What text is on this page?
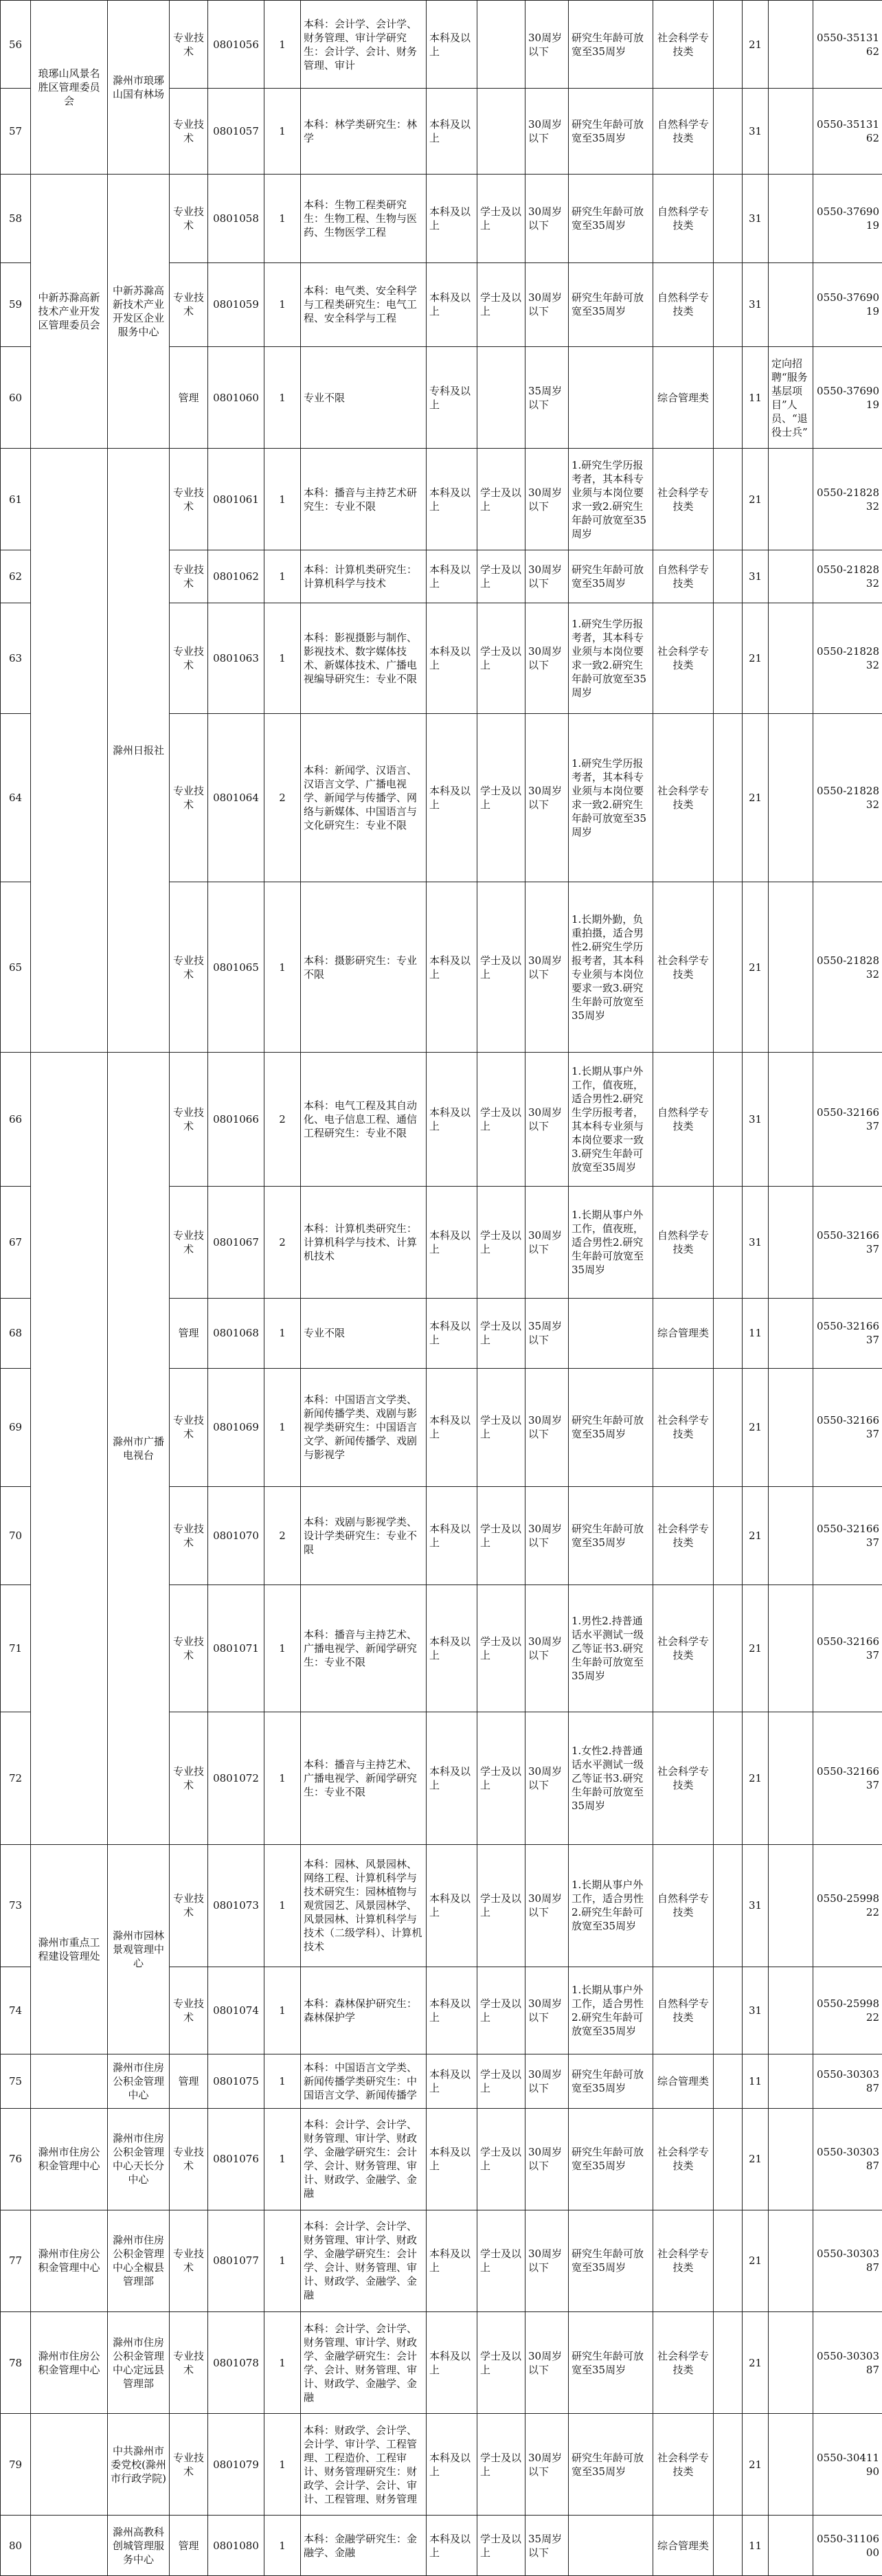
56	琅琊山风景名胜区管理委员会	滁州市琅琊山国有林场	专业技术	0801056	1	本科：会计学、会计学、财务管理、审计学研究生：会计学、会计、财务管理、审计	本科及以上		30周岁以下	研究生年龄可放宽至35周岁	社会科学专技类		21		0550-3513162
57			专业技术	0801057	1	本科：林学类研究生：林学	本科及以上		30周岁以下	研究生年龄可放宽至35周岁	自然科学专技类		31		0550-3513162
58	中新苏滁高新技术产业开发区管理委员会	中新苏滁高新技术产业开发区企业服务中心	专业技术	0801058	1	本科：生物工程类研究生：生物工程、生物与医药、生物医学工程	本科及以上	学士及以上	30周岁以下	研究生年龄可放宽至35周岁	自然科学专技类		31		0550-3769019
59			专业技术	0801059	1	本科：电气类、安全科学与工程类研究生：电气工程、安全科学与工程	本科及以上	学士及以上	30周岁以下	研究生年龄可放宽至35周岁	自然科学专技类		31		0550-3769019
60			管理	0801060	1	专业不限	专科及以上		35周岁以下		综合管理类		11	定向招聘“服务基层项目”人员、“退役士兵”	0550-3769019
61		滁州日报社	专业技术	0801061	1	本科：播音与主持艺术研究生：专业不限	本科及以上	学士及以上	30周岁以下	1.研究生学历报考者，其本科专业须与本岗位要求一致2.研究生年龄可放宽至35周岁	社会科学专技类		21		0550-2182832
62			专业技术	0801062	1	本科：计算机类研究生：计算机科学与技术	本科及以上	学士及以上	30周岁以下	研究生年龄可放宽至35周岁	自然科学专技类		31		0550-2182832
63			专业技术	0801063	1	本科：影视摄影与制作、影视技术、数字媒体技术、新媒体技术、广播电视编导研究生：专业不限	本科及以上	学士及以上	30周岁以下	1.研究生学历报考者，其本科专业须与本岗位要求一致2.研究生年龄可放宽至35周岁	社会科学专技类		21		0550-2182832
64			专业技术	0801064	2	本科：新闻学、汉语言、汉语言文学、广播电视学、新闻学与传播学、网络与新媒体、中国语言与文化研究生：专业不限	本科及以上	学士及以上	30周岁以下	1.研究生学历报考者，其本科专业须与本岗位要求一致2.研究生年龄可放宽至35周岁	社会科学专技类		21		0550-2182832
65			专业技术	0801065	1	本科：摄影研究生：专业不限	本科及以上	学士及以上	30周岁以下	1.长期外勤，负重拍摄，适合男性2.研究生学历报考者，其本科专业须与本岗位要求一致3.研究生年龄可放宽至35周岁	社会科学专技类		21		0550-2182832
66		滁州市广播电视台	专业技术	0801066	2	本科：电气工程及其自动化、电子信息工程、通信工程研究生：专业不限	本科及以上	学士及以上	30周岁以下	1.长期从事户外工作，值夜班，适合男性2.研究生学历报考者，其本科专业须与本岗位要求一致3.研究生年龄可放宽至35周岁	自然科学专技类		31		0550-3216637
67			专业技术	0801067	2	本科：计算机类研究生：计算机科学与技术、计算机技术	本科及以上	学士及以上	30周岁以下	1.长期从事户外工作，值夜班，适合男性2.研究生年龄可放宽至35周岁	自然科学专技类		31		0550-3216637
68			管理	0801068	1	专业不限	本科及以上	学士及以上	35周岁以下		综合管理类		11		0550-3216637
69			专业技术	0801069	1	本科：中国语言文学类、新闻传播学类、戏剧与影视学类研究生：中国语言文学、新闻传播学、戏剧与影视学	本科及以上	学士及以上	30周岁以下	研究生年龄可放宽至35周岁	社会科学专技类		21		0550-3216637
70			专业技术	0801070	2	本科：戏剧与影视学类、设计学类研究生：专业不限	本科及以上	学士及以上	30周岁以下	研究生年龄可放宽至35周岁	社会科学专技类		21		0550-3216637
71			专业技术	0801071	1	本科：播音与主持艺术、广播电视学、新闻学研究生：专业不限	本科及以上	学士及以上	30周岁以下	1.男性2.持普通话水平测试一级乙等证书3.研究生年龄可放宽至35周岁	社会科学专技类		21		0550-3216637
72			专业技术	0801072	1	本科：播音与主持艺术、广播电视学、新闻学研究生：专业不限	本科及以上	学士及以上	30周岁以下	1.女性2.持普通话水平测试一级乙等证书3.研究生年龄可放宽至35周岁	社会科学专技类		21		0550-3216637
73	滁州市重点工程建设管理处	滁州市园林景观管理中心	专业技术	0801073	1	本科：园林、风景园林、网络工程、计算机科学与技术研究生：园林植物与观赏园艺、风景园林学、风景园林、计算机科学与技术（二级学科）、计算机技术	本科及以上	学士及以上	30周岁以下	1.长期从事户外工作，适合男性2.研究生年龄可放宽至35周岁	自然科学专技类		31		0550-2599822
74			专业技术	0801074	1	本科：森林保护研究生：森林保护学	本科及以上	学士及以上	30周岁以下	1.长期从事户外工作，适合男性2.研究生年龄可放宽至35周岁	自然科学专技类		31		0550-2599822
75		滁州市住房公积金管理中心	管理	0801075	1	本科：中国语言文学类、新闻传播学类研究生：中国语言文学、新闻传播学	本科及以上	学士及以上	30周岁以下	研究生年龄可放宽至35周岁	综合管理类		11		0550-3030387
76	滁州市住房公积金管理中心	滁州市住房公积金管理中心天长分中心	专业技术	0801076	1	本科：会计学、会计学、财务管理、审计学、财政学、金融学研究生：会计学、会计、财务管理、审计、财政学、金融学、金融	本科及以上	学士及以上	30周岁以下	研究生年龄可放宽至35周岁	社会科学专技类		21		0550-3030387
77	滁州市住房公积金管理中心	滁州市住房公积金管理中心全椒县管理部	专业技术	0801077	1	本科：会计学、会计学、财务管理、审计学、财政学、金融学研究生：会计学、会计、财务管理、审计、财政学、金融学、金融	本科及以上	学士及以上	30周岁以下	研究生年龄可放宽至35周岁	社会科学专技类		21		0550-3030387
78	滁州市住房公积金管理中心	滁州市住房公积金管理中心定远县管理部	专业技术	0801078	1	本科：会计学、会计学、财务管理、审计学、财政学、金融学研究生：会计学、会计、财务管理、审计、财政学、金融学、金融	本科及以上	学士及以上	30周岁以下	研究生年龄可放宽至35周岁	社会科学专技类		21		0550-3030387
79		中共滁州市委党校(滁州市行政学院)	专业技术	0801079	1	本科：财政学、会计学、会计学、审计学、工程管理、工程造价、工程审计、财务管理研究生：财政学、会计学、会计、审计、工程管理、财务管理	本科及以上	学士及以上	30周岁以下	研究生年龄可放宽至35周岁	社会科学专技类		21		0550-3041190
80		滁州高教科创城管理服务中心	管理	0801080	1	本科：金融学研究生：金融学、金融	本科及以上	学士及以上	35周岁以下		综合管理类		11		0550-3110600
